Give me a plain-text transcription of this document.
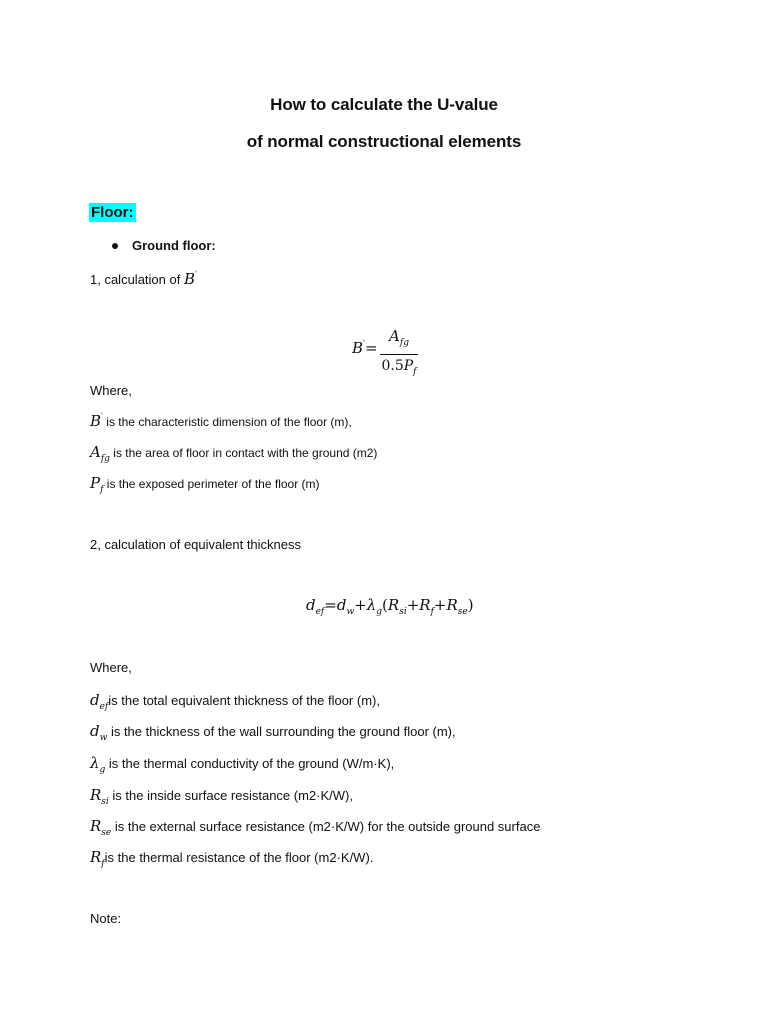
How to calculate the U-value
of normal constructional elements
Floor:
Ground floor:
1, calculation of B'
B'=
$A_{fg}$
$0.5P_f$
Where,
B' is the characteristic dimension of the floor (m),
$A_{fg}$ is the area of floor in contact with the ground (m2)
$P_f$ is the exposed perimeter of the floor (m)
2, calculation of equivalent thickness
$d_{ef}=d_w+\lambda_g(R_{si}+R_f+R_{se})$
Where,
$d_{ef}is$ the total equivalent thickness of the floor (m),
$d_w$ is the thickness of the wall surrounding the ground floor (m),
$\lambda_g$ is the thermal conductivity of the ground (W/m·K),
$R_{si}$ is the inside surface resistance (m2·K/W),
$R_{se}$ is the external surface resistance (m2·K/W) for the outside ground surface
$R_fis$ the thermal resistance of the floor (m2·K/W).
Note:
